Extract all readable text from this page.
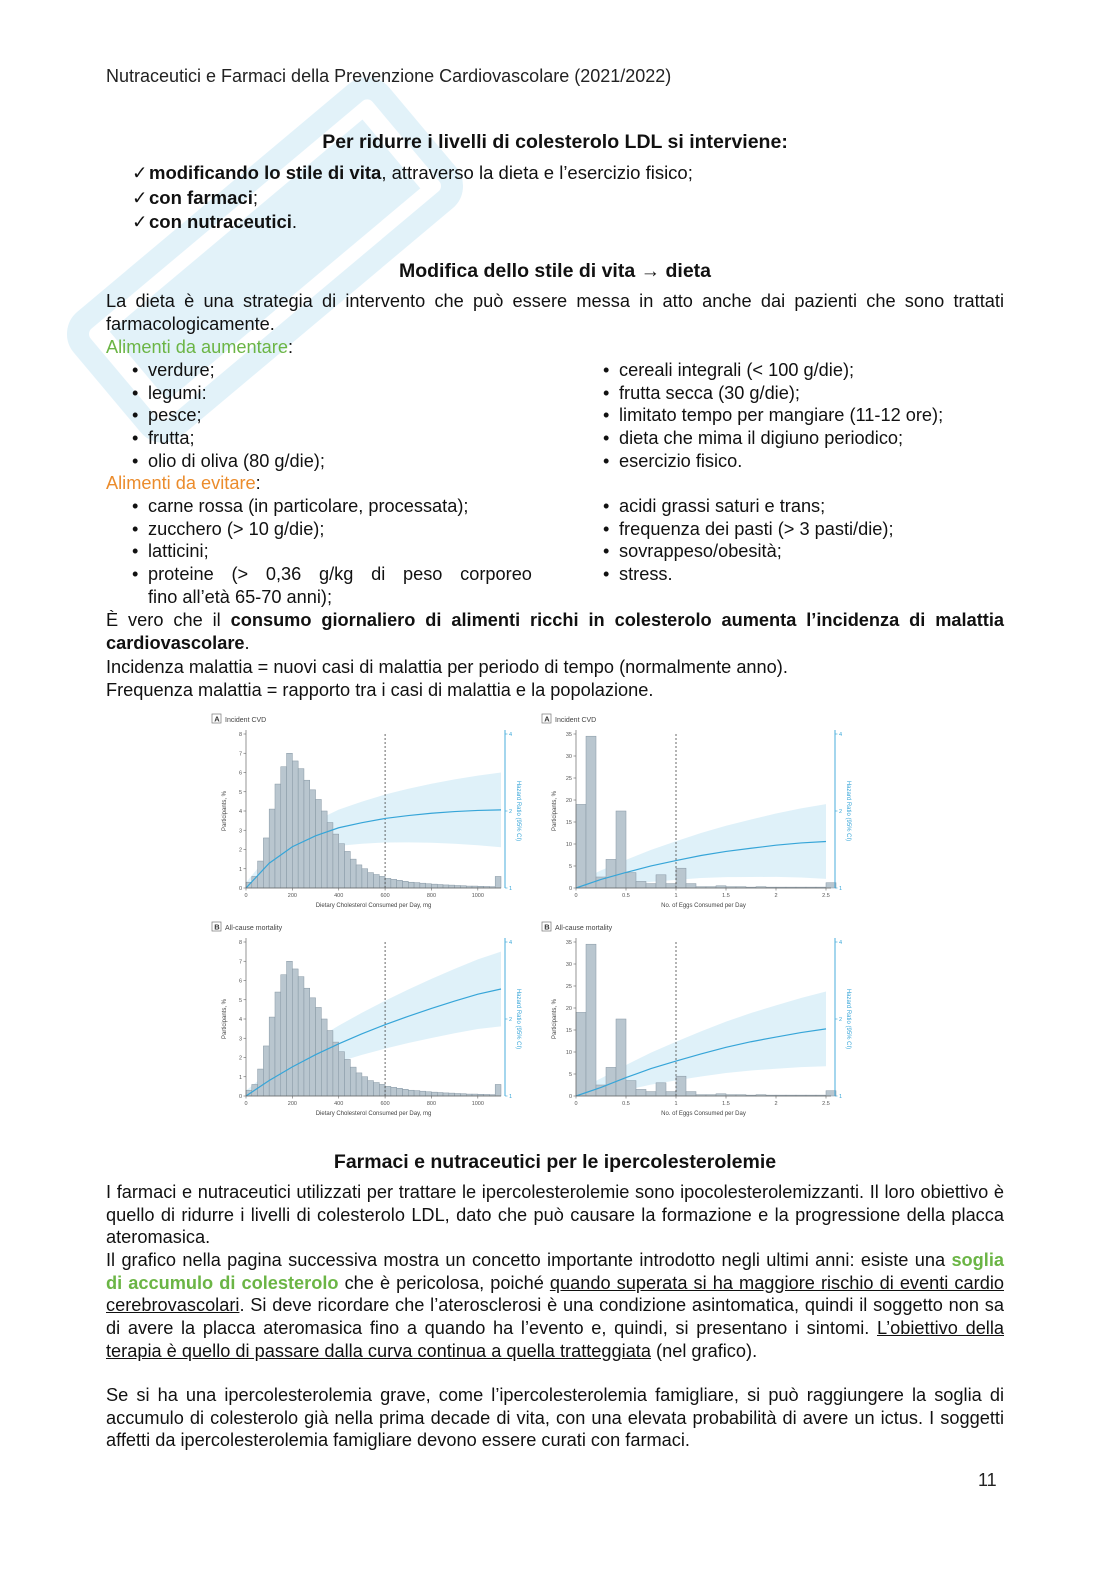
Nutraceutici e Farmaci della Prevenzione Cardiovascolare (2021/2022)
Per ridurre i livelli di colesterolo LDL si interviene:
✓modificando lo stile di vita, attraverso la dieta e l’esercizio fisico;
✓con farmaci;
✓con nutraceutici.
Modifica dello stile di vita → dieta
La dieta è una strategia di intervento che può essere messa in atto anche dai pazienti che sono trattati farmacologicamente.
Alimenti da aumentare:
• verdure;
• legumi:
• pesce;
• frutta;
• olio di oliva (80 g/die);
• cereali integrali (< 100 g/die);
• frutta secca (30 g/die);
• limitato tempo per mangiare (11-12 ore);
• dieta che mima il digiuno periodico;
• esercizio fisico.
Alimenti da evitare:
• carne rossa (in particolare, processata);
• zucchero (> 10 g/die);
• latticini;
• proteine (> 0,36 g/kg di peso corporeo
fino all’età 65-70 anni);
• acidi grassi saturi e trans;
• frequenza dei pasti (> 3 pasti/die);
• sovrappeso/obesità;
• stress.
È vero che il consumo giornaliero di alimenti ricchi in colesterolo aumenta l’incidenza di malattia cardiovascolare.
Incidenza malattia = nuovi casi di malattia per periodo di tempo (normalmente anno).
Frequenza malattia = rapporto tra i casi di malattia e la popolazione.
A Incident CVD
0	200	400	600	800	1000
0
1
2
3
4
5
6
7
8
1
2
4
Dietary Cholesterol Consumed per Day, mg
Participants, %	Hazard Ratio (95% CI)
A Incident CVD
0	0.5	1	1.5	2	2.5
0
5
10
15
20
25
30
35
1
2
4
No. of Eggs Consumed per Day
Participants, %	Hazard Ratio (95% CI)
B All-cause mortality
0	200	400	600	800	1000
0
1
2
3
4
5
6
7
8
1
2
4
Dietary Cholesterol Consumed per Day, mg
Participants, %	Hazard Ratio (95% CI)
B All-cause mortality
0	0.5	1	1.5	2	2.5
0
5
10
15
20
25
30
35
1
2
4
No. of Eggs Consumed per Day
Participants, %	Hazard Ratio (95% CI)
Farmaci e nutraceutici per le ipercolesterolemie
I farmaci e nutraceutici utilizzati per trattare le ipercolesterolemie sono ipocolesterolemizzanti. Il loro obiettivo è quello di ridurre i livelli di colesterolo LDL, dato che può causare la formazione e la progressione della placca ateromasica.
Il grafico nella pagina successiva mostra un concetto importante introdotto negli ultimi anni: esiste una soglia di accumulo di colesterolo che è pericolosa, poiché quando superata si ha maggiore rischio di eventi cardio cerebrovascolari. Si deve ricordare che l’aterosclerosi è una condizione asintomatica, quindi il soggetto non sa di avere la placca ateromasica fino a quando ha l’evento e, quindi, si presentano i sintomi. L’obiettivo della terapia è quello di passare dalla curva continua a quella tratteggiata (nel grafico).
Se si ha una ipercolesterolemia grave, come l’ipercolesterolemia famigliare, si può raggiungere la soglia di accumulo di colesterolo già nella prima decade di vita, con una elevata probabilità di avere un ictus. I soggetti affetti da ipercolesterolemia famigliare devono essere curati con farmaci.
11
